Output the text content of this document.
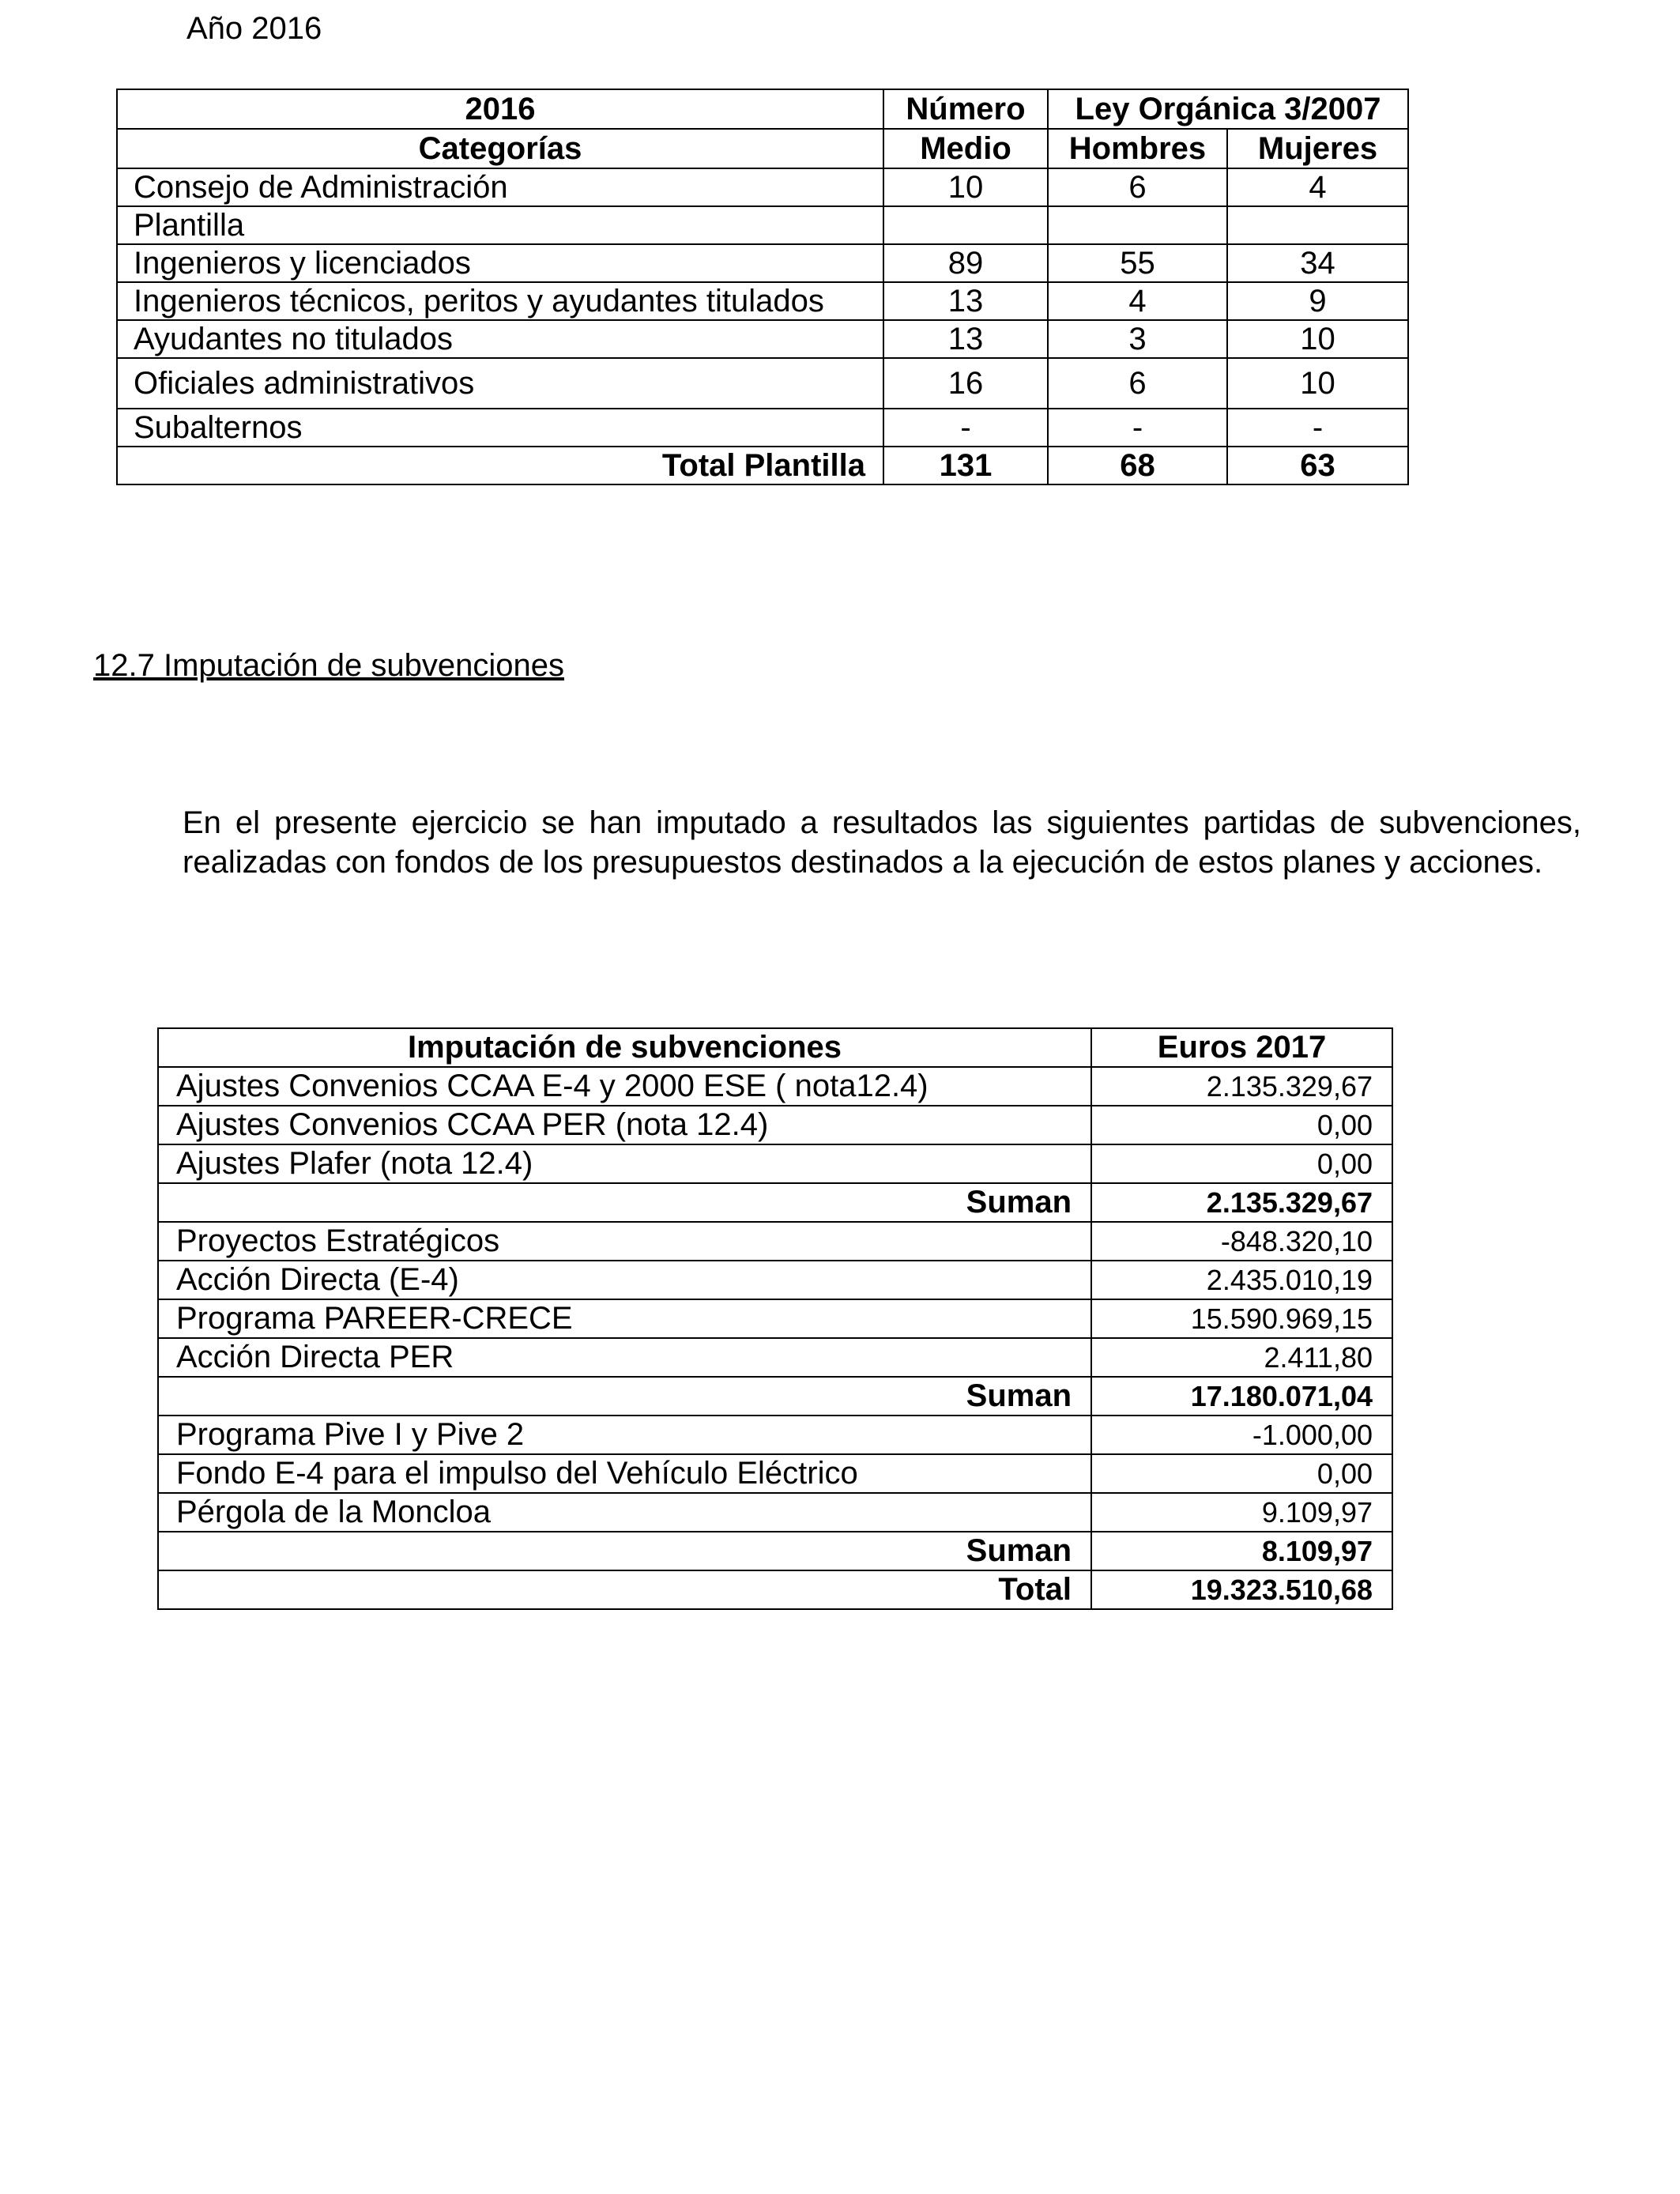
Año 2016
2016	Número	Ley Orgánica 3/2007	
Categorías	Medio	Hombres	Mujeres
Consejo de Administración	10	6	4
Plantilla			
Ingenieros y licenciados	89	55	34
Ingenieros técnicos, peritos y ayudantes titulados	13	4	9
Ayudantes no titulados	13	3	10
Oficiales administrativos	16	6	10
Subalternos	-	-	-
Total Plantilla	131	68	63
12.7 Imputación de subvenciones
En el presente ejercicio se han imputado a resultados las siguientes partidas de subvenciones, realizadas con fondos de los presupuestos destinados a la ejecución de estos planes y acciones.
Imputación de subvenciones	Euros 2017
Ajustes Convenios CCAA E-4 y 2000 ESE ( nota12.4)	2.135.329,67
Ajustes Convenios CCAA PER (nota 12.4)	0,00
Ajustes Plafer (nota 12.4)	0,00
Suman	2.135.329,67
Proyectos Estratégicos	-848.320,10
Acción Directa (E-4)	2.435.010,19
Programa PAREER-CRECE	15.590.969,15
Acción Directa PER	2.411,80
Suman	17.180.071,04
Programa Pive I y Pive 2	-1.000,00
Fondo E-4 para el impulso del Vehículo Eléctrico	0,00
Pérgola de la Moncloa	9.109,97
Suman	8.109,97
Total	19.323.510,68
